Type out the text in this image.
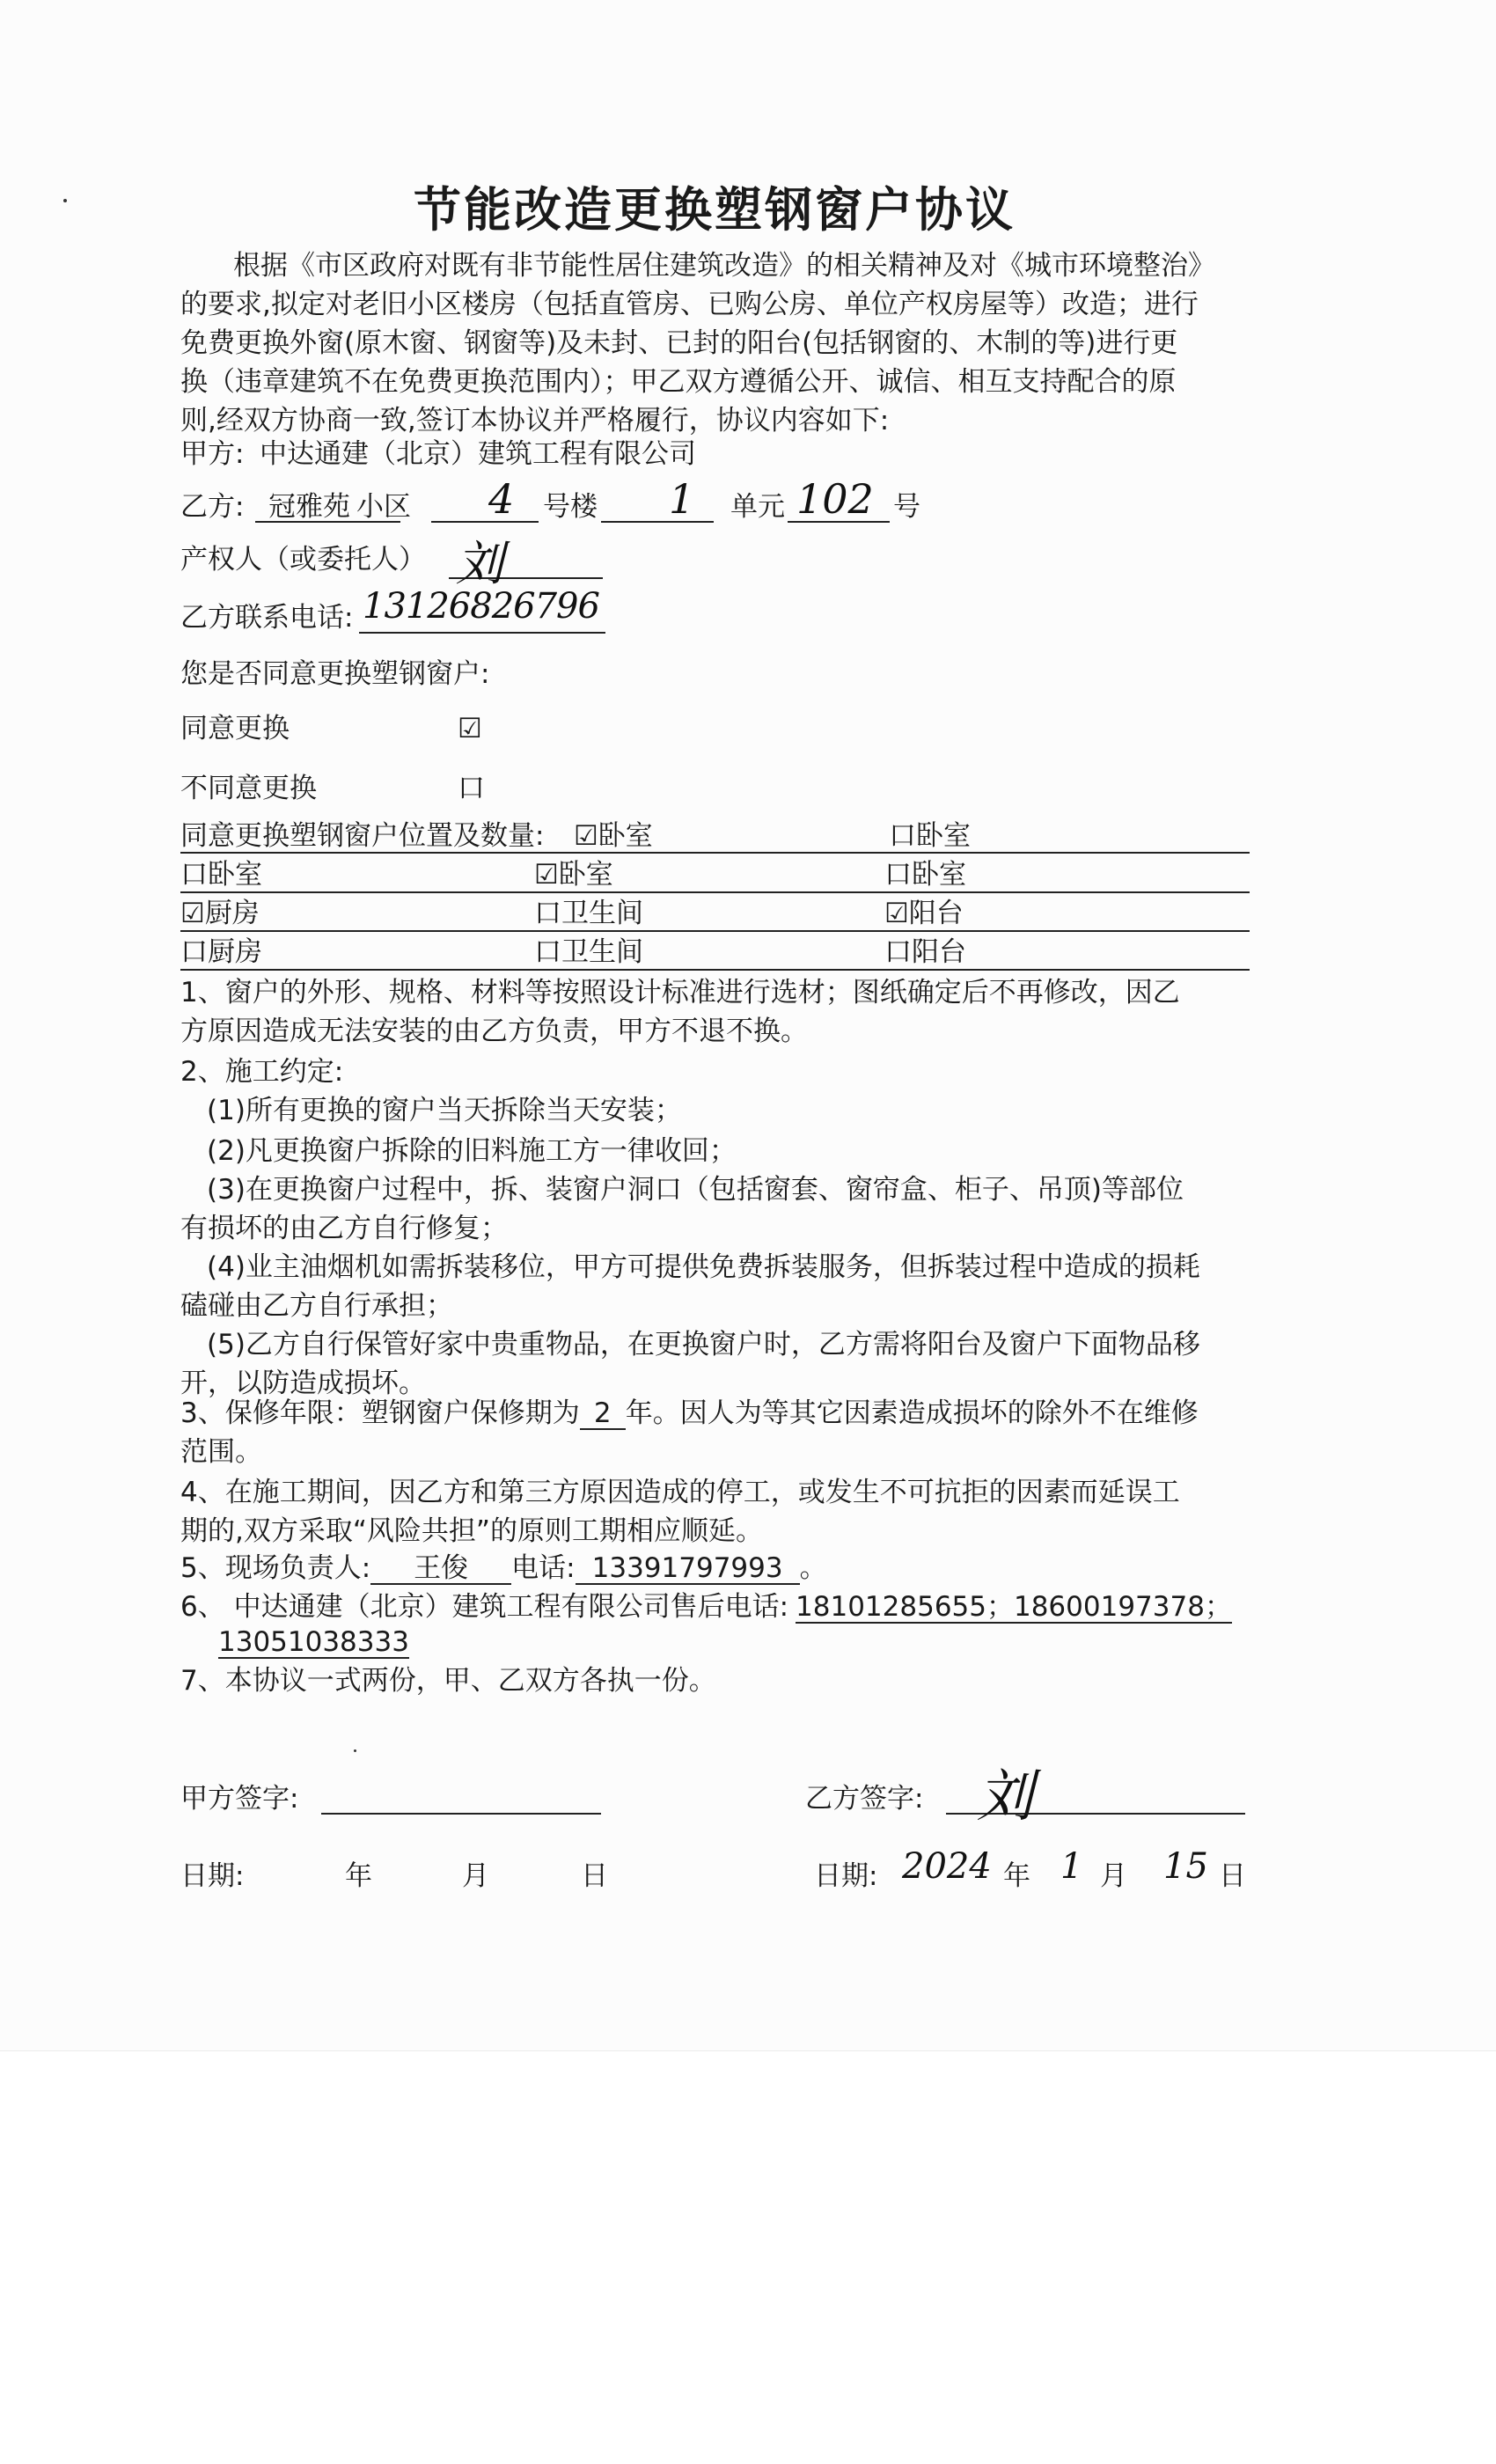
节能改造更换塑钢窗户协议
根据《市区政府对既有非节能性居住建筑改造》的相关精神及对《城市环境整治》
的要求,拟定对老旧小区楼房（包括直管房、已购公房、单位产权房屋等）改造；进行
免费更换外窗(原木窗、钢窗等)及未封、已封的阳台(包括钢窗的、木制的等)进行更
换（违章建筑不在免费更换范围内）；甲乙双方遵循公开、诚信、相互支持配合的原
则,经双方协商一致,签订本协议并严格履行，协议内容如下:
甲方: 中达通建（北京）建筑工程有限公司
乙方: 冠雅苑 小区 4 号楼 1 单元 102 号
产权人（或委托人） 刘
乙方联系电话: 13126826796
您是否同意更换塑钢窗户:
同意更换	☑
不同意更换	口
同意更换塑钢窗户位置及数量: ☑卧室	口卧室
口卧室	☑卧室	口卧室
☑厨房	口卫生间	☑阳台
口厨房	口卫生间	口阳台
1、窗户的外形、规格、材料等按照设计标准进行选材；图纸确定后不再修改，因乙
方原因造成无法安装的由乙方负责，甲方不退不换。
2、施工约定:
(1)所有更换的窗户当天拆除当天安装；
(2)凡更换窗户拆除的旧料施工方一律收回；
(3)在更换窗户过程中，拆、装窗户洞口（包括窗套、窗帘盒、柜子、吊顶)等部位
有损坏的由乙方自行修复；
(4)业主油烟机如需拆装移位，甲方可提供免费拆装服务，但拆装过程中造成的损耗
磕碰由乙方自行承担；
(5)乙方自行保管好家中贵重物品，在更换窗户时，乙方需将阳台及窗户下面物品移
开，以防造成损坏。
3、保修年限：塑钢窗户保修期为 2 年。因人为等其它因素造成损坏的除外不在维修
范围。
4、在施工期间，因乙方和第三方原因造成的停工，或发生不可抗拒的因素而延误工
期的,双方采取“风险共担”的原则工期相应顺延。
5、现场负责人: 王俊 电话: 13391797993 。
6、 中达通建（北京）建筑工程有限公司售后电话: 18101285655；18600197378；
13051038333
7、本协议一式两份，甲、乙双方各执一份。
甲方签字:	乙方签字: 刘
日期:	年	月	日	日期: 2024 年 1 月 15 日
